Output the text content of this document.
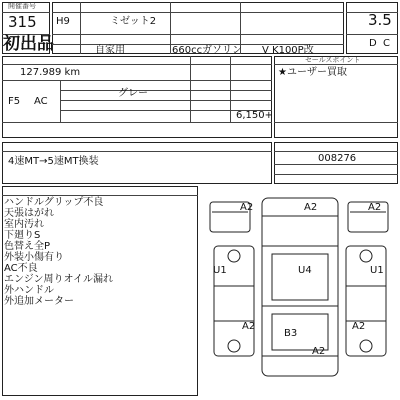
開催番号
315
初出品
H9	ミゼット2
自家用	660cc ガソリン V K100P改
3.5
D C
127.989 km
F5 AC
グレー
6,150+
セールスポイント
★ユーザー買取
4速MT→5速MT換装	008276
ハンドルグリップ不良
天張はがれ
室内汚れ
下廻りS
色替え全P
外装小傷有り
AC不良
エンジン周りオイル漏れ
外ハンドル
外追加メーター
A2	A2	A2
U1	U4	U1
A2	A2
B3
A2
